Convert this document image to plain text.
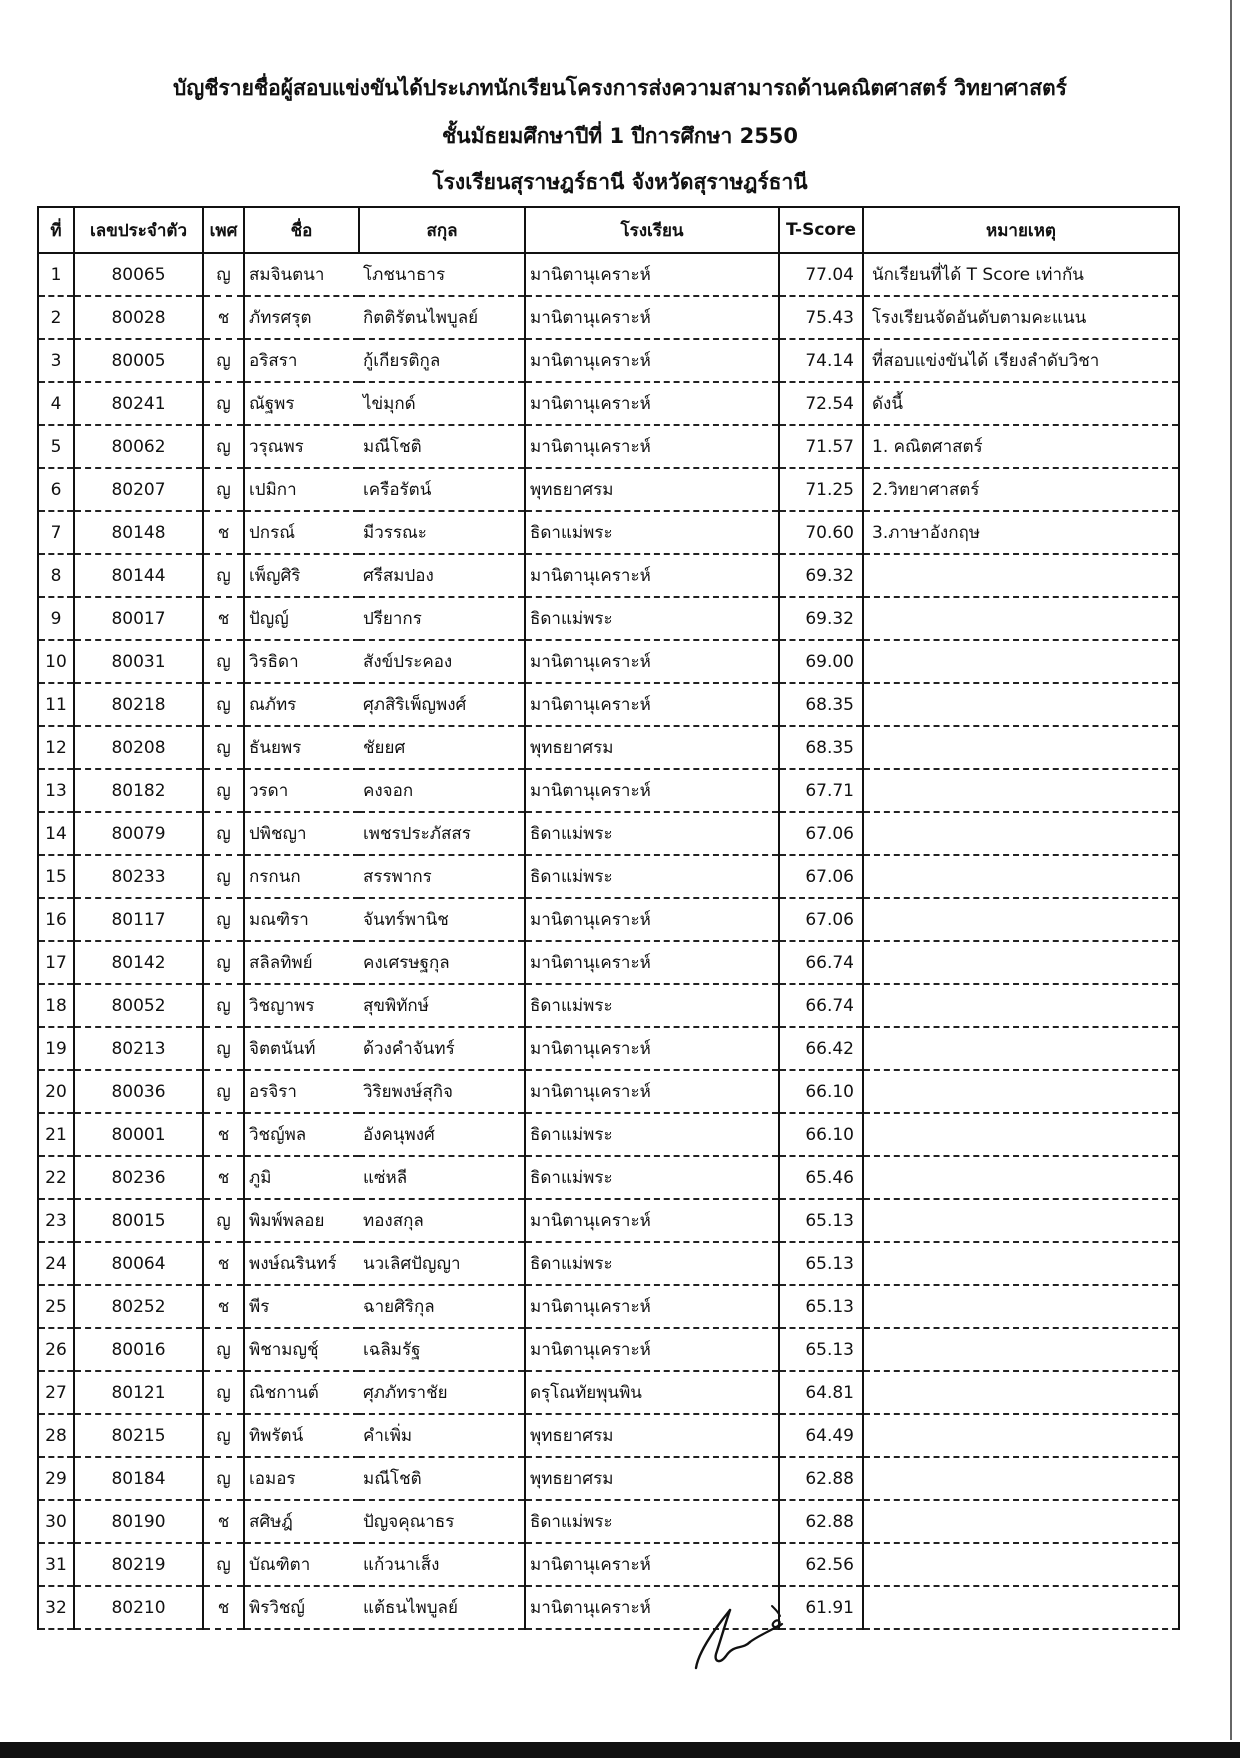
บัญชีรายชื่อผู้สอบแข่งขันได้ประเภทนักเรียนโครงการส่งความสามารถด้านคณิตศาสตร์ วิทยาศาสตร์
ชั้นมัธยมศึกษาปีที่ 1 ปีการศึกษา 2550
โรงเรียนสุราษฎร์ธานี จังหวัดสุราษฎร์ธานี
ที่	เลขประจำตัว	เพศ	ชื่อ	สกุล	โรงเรียน	T-Score	หมายเหตุ
1	80065	ญ	สมจินตนา	โภชนาธาร	มานิตานุเคราะห์	77.04	นักเรียนที่ได้ T Score เท่ากัน
2	80028	ช	ภัทรศรุต	กิตติรัตนไพบูลย์	มานิตานุเคราะห์	75.43	โรงเรียนจัดอันดับตามคะแนน
3	80005	ญ	อริสรา	กู้เกียรติกูล	มานิตานุเคราะห์	74.14	ที่สอบแข่งขันได้ เรียงลำดับวิชา
4	80241	ญ	ณัฐพร	ไข่มุกด์	มานิตานุเคราะห์	72.54	ดังนี้
5	80062	ญ	วรุณพร	มณีโชติ	มานิตานุเคราะห์	71.57	1. คณิตศาสตร์
6	80207	ญ	เปมิกา	เครือรัตน์	พุทธยาศรม	71.25	2.วิทยาศาสตร์
7	80148	ช	ปกรณ์	มีวรรณะ	ธิดาแม่พระ	70.60	3.ภาษาอังกฤษ
8	80144	ญ	เพ็ญศิริ	ศรีสมปอง	มานิตานุเคราะห์	69.32	
9	80017	ช	ปัญญ์	ปรียากร	ธิดาแม่พระ	69.32	
10	80031	ญ	วิรธิดา	สังข์ประคอง	มานิตานุเคราะห์	69.00	
11	80218	ญ	ณภัทร	ศุภสิริเพ็ญพงศ์	มานิตานุเคราะห์	68.35	
12	80208	ญ	ธันยพร	ชัยยศ	พุทธยาศรม	68.35	
13	80182	ญ	วรดา	คงจอก	มานิตานุเคราะห์	67.71	
14	80079	ญ	ปพิชญา	เพชรประภัสสร	ธิดาแม่พระ	67.06	
15	80233	ญ	กรกนก	สรรพากร	ธิดาแม่พระ	67.06	
16	80117	ญ	มณฑิรา	จันทร์พานิช	มานิตานุเคราะห์	67.06	
17	80142	ญ	สลิลทิพย์	คงเศรษฐกุล	มานิตานุเคราะห์	66.74	
18	80052	ญ	วิชญาพร	สุขพิทักษ์	ธิดาแม่พระ	66.74	
19	80213	ญ	จิตตนันท์	ด้วงคำจันทร์	มานิตานุเคราะห์	66.42	
20	80036	ญ	อรจิรา	วิริยพงษ์สุกิจ	มานิตานุเคราะห์	66.10	
21	80001	ช	วิชญ์พล	อังคนุพงศ์	ธิดาแม่พระ	66.10	
22	80236	ช	ภูมิ	แซ่หลี	ธิดาแม่พระ	65.46	
23	80015	ญ	พิมพ์พลอย	ทองสกุล	มานิตานุเคราะห์	65.13	
24	80064	ช	พงษ์ณรินทร์	นวเลิศปัญญา	ธิดาแม่พระ	65.13	
25	80252	ช	พีร	ฉายศิริกุล	มานิตานุเคราะห์	65.13	
26	80016	ญ	พิชามญชุ์	เฉลิมรัฐ	มานิตานุเคราะห์	65.13	
27	80121	ญ	ณิชกานต์	ศุภภัทราชัย	ดรุโณทัยพุนพิน	64.81	
28	80215	ญ	ทิพรัตน์	คำเพิ่ม	พุทธยาศรม	64.49	
29	80184	ญ	เอมอร	มณีโชติ	พุทธยาศรม	62.88	
30	80190	ช	สศิษฎ์	ปัญจคุณาธร	ธิดาแม่พระ	62.88	
31	80219	ญ	บัณฑิตา	แก้วนาเส็ง	มานิตานุเคราะห์	62.56	
32	80210	ช	พิรวิชญ์	แต้ธนไพบูลย์	มานิตานุเคราะห์	61.91	
